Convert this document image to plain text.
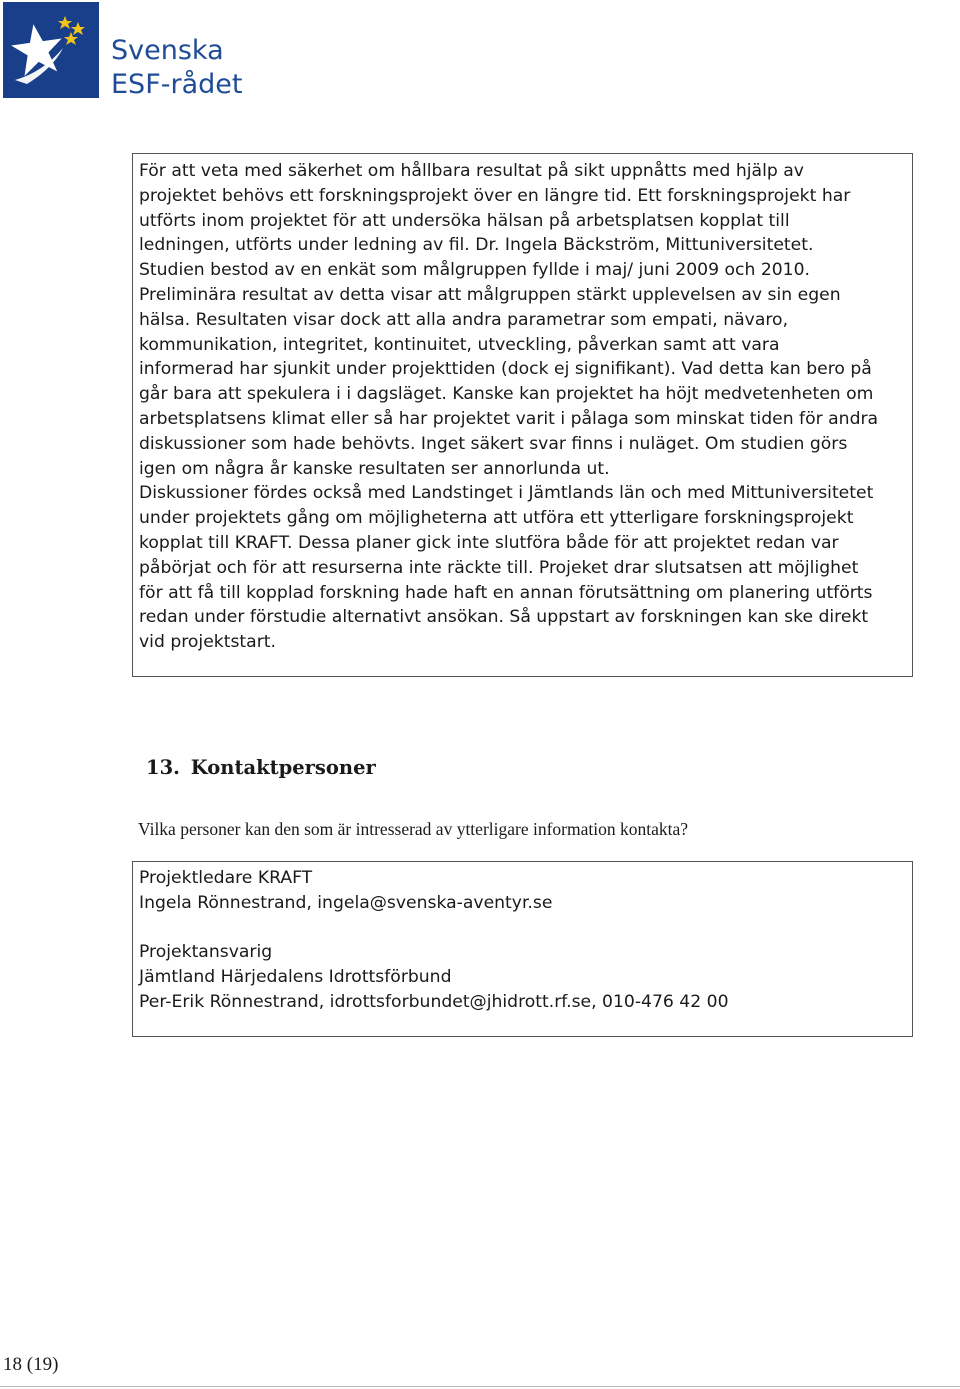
Svenska
ESF-rådet
För att veta med säkerhet om hållbara resultat på sikt uppnåtts med hjälp av
projektet behövs ett forskningsprojekt över en längre tid. Ett forskningsprojekt har
utförts inom projektet för att undersöka hälsan på arbetsplatsen kopplat till
ledningen, utförts under ledning av fil. Dr. Ingela Bäckström, Mittuniversitetet.
Studien bestod av en enkät som målgruppen fyllde i maj/ juni 2009 och 2010.
Preliminära resultat av detta visar att målgruppen stärkt upplevelsen av sin egen
hälsa. Resultaten visar dock att alla andra parametrar som empati, nävaro,
kommunikation, integritet, kontinuitet, utveckling, påverkan samt att vara
informerad har sjunkit under projekttiden (dock ej signifikant). Vad detta kan bero på
går bara att spekulera i i dagsläget. Kanske kan projektet ha höjt medvetenheten om
arbetsplatsens klimat eller så har projektet varit i pålaga som minskat tiden för andra
diskussioner som hade behövts. Inget säkert svar finns i nuläget. Om studien görs
igen om några år kanske resultaten ser annorlunda ut.
Diskussioner fördes också med Landstinget i Jämtlands län och med Mittuniversitetet
under projektets gång om möjligheterna att utföra ett ytterligare forskningsprojekt
kopplat till KRAFT. Dessa planer gick inte slutföra både för att projektet redan var
påbörjat och för att resurserna inte räckte till. Projeket drar slutsatsen att möjlighet
för att få till kopplad forskning hade haft en annan förutsättning om planering utförts
redan under förstudie alternativt ansökan. Så uppstart av forskningen kan ske direkt
vid projektstart.
13. Kontaktpersoner
Vilka personer kan den som är intresserad av ytterligare information kontakta?
Projektledare KRAFT
Ingela Rönnestrand, ingela@svenska-aventyr.se
Projektansvarig
Jämtland Härjedalens Idrottsförbund
Per-Erik Rönnestrand, idrottsforbundet@jhidrott.rf.se, 010-476 42 00
18 (19)
